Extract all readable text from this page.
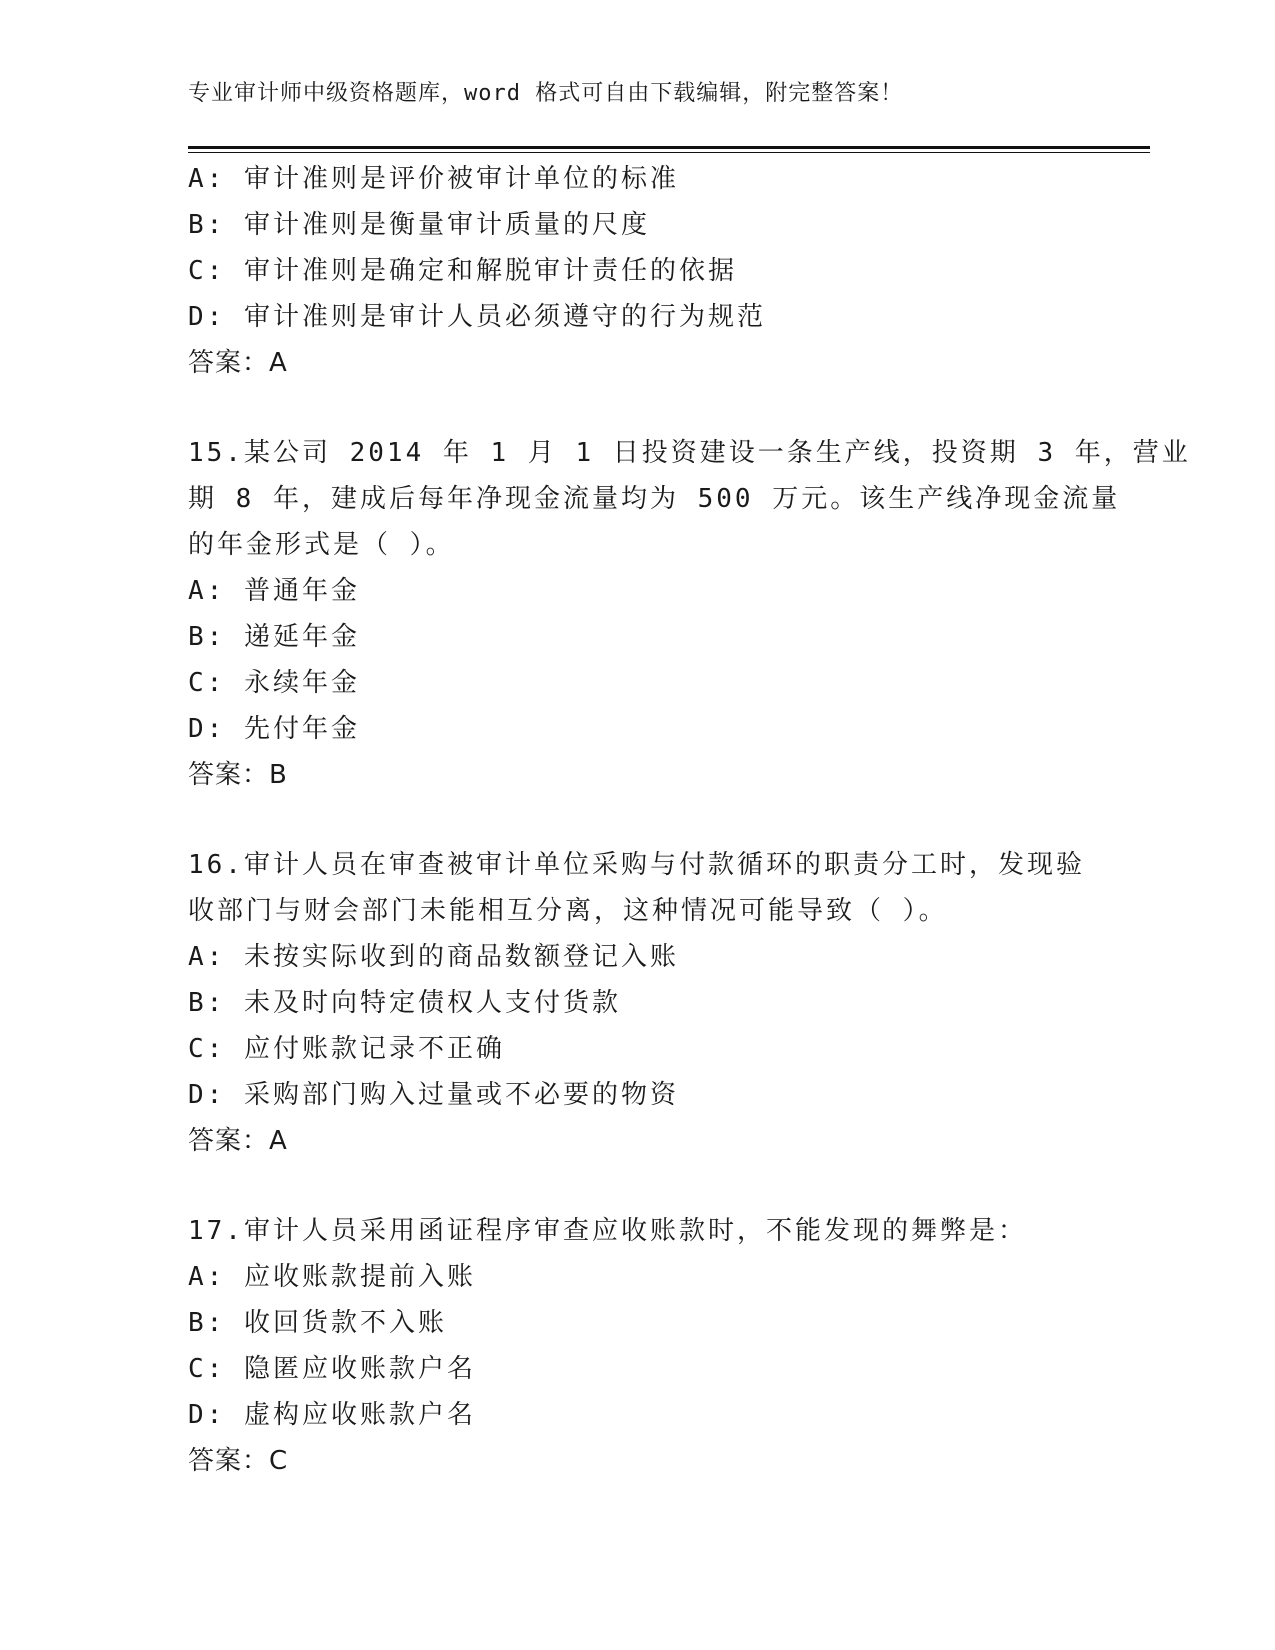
专业审计师中级资格题库，word 格式可自由下载编辑，附完整答案！
A: 审计准则是评价被审计单位的标准
B: 审计准则是衡量审计质量的尺度
C: 审计准则是确定和解脱审计责任的依据
D: 审计准则是审计人员必须遵守的行为规范
答案：A
15.某公司 2014 年 1 月 1 日投资建设一条生产线，投资期 3 年，营业
期 8 年，建成后每年净现金流量均为 500 万元。该生产线净现金流量
的年金形式是（ ）。
A: 普通年金
B: 递延年金
C: 永续年金
D: 先付年金
答案：B
16.审计人员在审查被审计单位采购与付款循环的职责分工时，发现验
收部门与财会部门未能相互分离，这种情况可能导致（ ）。
A: 未按实际收到的商品数额登记入账
B: 未及时向特定债权人支付货款
C: 应付账款记录不正确
D: 采购部门购入过量或不必要的物资
答案：A
17.审计人员采用函证程序审查应收账款时，不能发现的舞弊是：
A: 应收账款提前入账
B: 收回货款不入账
C: 隐匿应收账款户名
D: 虚构应收账款户名
答案：C
